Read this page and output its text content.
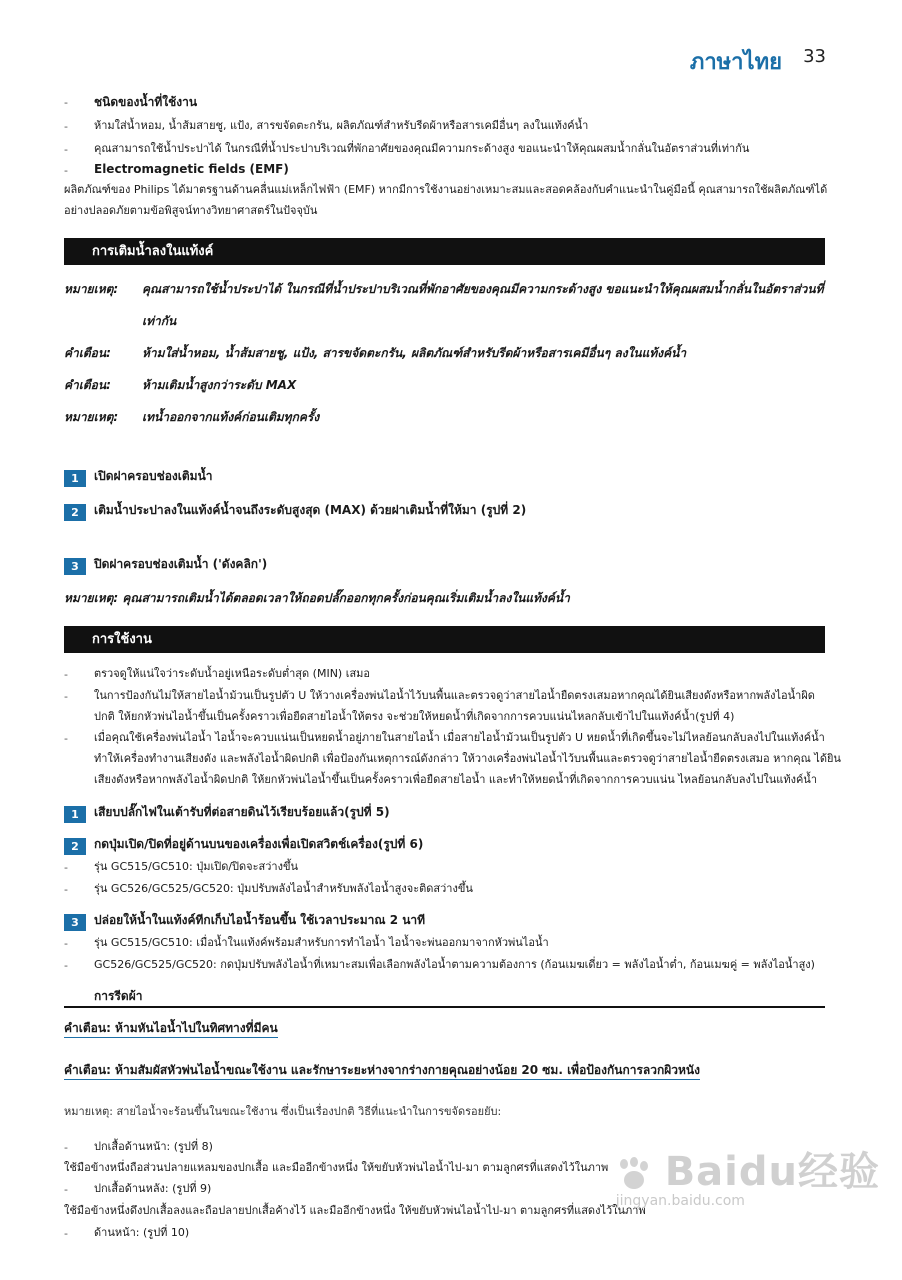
ภาษาไทย 33
- ชนิดของน้ำที่ใช้งาน
- ห้ามใส่น้ำหอม, น้ำส้มสายชู, แป้ง, สารขจัดตะกรัน, ผลิตภัณฑ์สำหรับรีดผ้าหรือสารเคมีอื่นๆ ลงในแท้งค์น้ำ
- คุณสามารถใช้น้ำประปาได้ ในกรณีที่น้ำประปาบริเวณที่พักอาศัยของคุณมีความกระด้างสูง ขอแนะนำให้คุณผสมน้ำกลั่นในอัตราส่วนที่เท่ากัน
- Electromagnetic fields (EMF)
ผลิตภัณฑ์ของ Philips ได้มาตรฐานด้านคลื่นแม่เหล็กไฟฟ้า (EMF) หากมีการใช้งานอย่างเหมาะสมและสอดคล้องกับคำแนะนำในคู่มือนี้ คุณสามารถใช้ผลิตภัณฑ์ได้
อย่างปลอดภัยตามข้อพิสูจน์ทางวิทยาศาสตร์ในปัจจุบัน
การเติมน้ำลงในแท้งค์
หมายเหตุ: คุณสามารถใช้น้ำประปาได้ ในกรณีที่น้ำประปาบริเวณที่พักอาศัยของคุณมีความกระด้างสูง ขอแนะนำให้คุณผสมน้ำกลั่นในอัตราส่วนที่
เท่ากัน
คำเตือน:	ห้ามใส่น้ำหอม, น้ำส้มสายชู, แป้ง, สารขจัดตะกรัน, ผลิตภัณฑ์สำหรับรีดผ้าหรือสารเคมีอื่นๆ ลงในแท้งค์น้ำ
คำเตือน:	ห้ามเติมน้ำสูงกว่าระดับ MAX
หมายเหตุ: เทน้ำออกจากแท้งค์ก่อนเติมทุกครั้ง
1	เปิดฝาครอบช่องเติมน้ำ
2	เติมน้ำประปาลงในแท้งค์น้ำจนถึงระดับสูงสุด (MAX) ด้วยฝาเติมน้ำที่ให้มา (รูปที่ 2)
3	ปิดฝาครอบช่องเติมน้ำ ('ดังคลิก')
หมายเหตุ: คุณสามารถเติมน้ำได้ตลอดเวลาให้ถอดปลั๊กออกทุกครั้งก่อนคุณเริ่มเติมน้ำลงในแท้งค์น้ำ
การใช้งาน
- ตรวจดูให้แน่ใจว่าระดับน้ำอยู่เหนือระดับต่ำสุด (MIN) เสมอ
- ในการป้องกันไม่ให้สายไอน้ำม้วนเป็นรูปตัว U ให้วางเครื่องพ่นไอน้ำไว้บนพื้นและตรวจดูว่าสายไอน้ำยืดตรงเสมอหากคุณได้ยินเสียงดังหรือหากพลังไอน้ำผิด
ปกติ ให้ยกหัวพ่นไอน้ำขึ้นเป็นครั้งคราวเพื่อยืดสายไอน้ำให้ตรง จะช่วยให้หยดน้ำที่เกิดจากการควบแน่นไหลกลับเข้าไปในแท้งค์น้ำ(รูปที่ 4)
- เมื่อคุณใช้เครื่องพ่นไอน้ำ ไอน้ำจะควบแน่นเป็นหยดน้ำอยู่ภายในสายไอน้ำ เมื่อสายไอน้ำม้วนเป็นรูปตัว U หยดน้ำที่เกิดขึ้นจะไม่ไหลย้อนกลับลงไปในแท้งค์น้ำ
ทำให้เครื่องทำงานเสียงดัง และพลังไอน้ำผิดปกติ เพื่อป้องกันเหตุการณ์ดังกล่าว ให้วางเครื่องพ่นไอน้ำไว้บนพื้นและตรวจดูว่าสายไอน้ำยืดตรงเสมอ หากคุณ ได้ยิน
เสียงดังหรือหากพลังไอน้ำผิดปกติ ให้ยกหัวพ่นไอน้ำขึ้นเป็นครั้งคราวเพื่อยืดสายไอน้ำ และทำให้หยดน้ำที่เกิดจากการควบแน่น ไหลย้อนกลับลงไปในแท้งค์น้ำ
1	เสียบปลั๊กไฟในเต้ารับที่ต่อสายดินไว้เรียบร้อยแล้ว(รูปที่ 5)
2	กดปุ่มเปิด/ปิดที่อยู่ด้านบนของเครื่องเพื่อเปิดสวิตช์เครื่อง(รูปที่ 6)
- รุ่น GC515/GC510: ปุ่มเปิด/ปิดจะสว่างขึ้น
- รุ่น GC526/GC525/GC520: ปุ่มปรับพลังไอน้ำสำหรับพลังไอน้ำสูงจะติดสว่างขึ้น
3	ปล่อยให้น้ำในแท้งค์ทีกเก็บไอน้ำร้อนขึ้น ใช้เวลาประมาณ 2 นาที
- รุ่น GC515/GC510: เมื่อน้ำในแท้งค์พร้อมสำหรับการทำไอน้ำ ไอน้ำจะพ่นออกมาจากหัวพ่นไอน้ำ
- GC526/GC525/GC520: กดปุ่มปรับพลังไอน้ำที่เหมาะสมเพื่อเลือกพลังไอน้ำตามความต้องการ (ก้อนเมฆเดี่ยว = พลังไอน้ำต่ำ, ก้อนเมฆคู่ = พลังไอน้ำสูง)
การรีดผ้า
คำเตือน: ห้ามหันไอน้ำไปในทิศทางที่มีคน
คำเตือน: ห้ามสัมผัสหัวพ่นไอน้ำขณะใช้งาน และรักษาระยะห่างจากร่างกายคุณอย่างน้อย 20 ซม. เพื่อป้องกันการลวกผิวหนัง
หมายเหตุ: สายไอน้ำจะร้อนขึ้นในขณะใช้งาน ซึ่งเป็นเรื่องปกติ วิธีที่แนะนำในการขจัดรอยยับ:
- ปกเสื้อด้านหน้า: (รูปที่ 8)
ใช้มือข้างหนึ่งถือส่วนปลายแหลมของปกเสื้อ และมืออีกข้างหนึ่ง ให้ขยับหัวพ่นไอน้ำไป-มา ตามลูกศรที่แสดงไว้ในภาพ
- ปกเสื้อด้านหลัง: (รูปที่ 9)
ใช้มือข้างหนึ่งดึงปกเสื้อลงและถือปลายปกเสื้อค้างไว้ และมืออีกข้างหนึ่ง ให้ขยับหัวพ่นไอน้ำไป-มา ตามลูกศรที่แสดงไว้ในภาพ
- ด้านหน้า: (รูปที่ 10)
Baidu经验
jingyan.baidu.com
